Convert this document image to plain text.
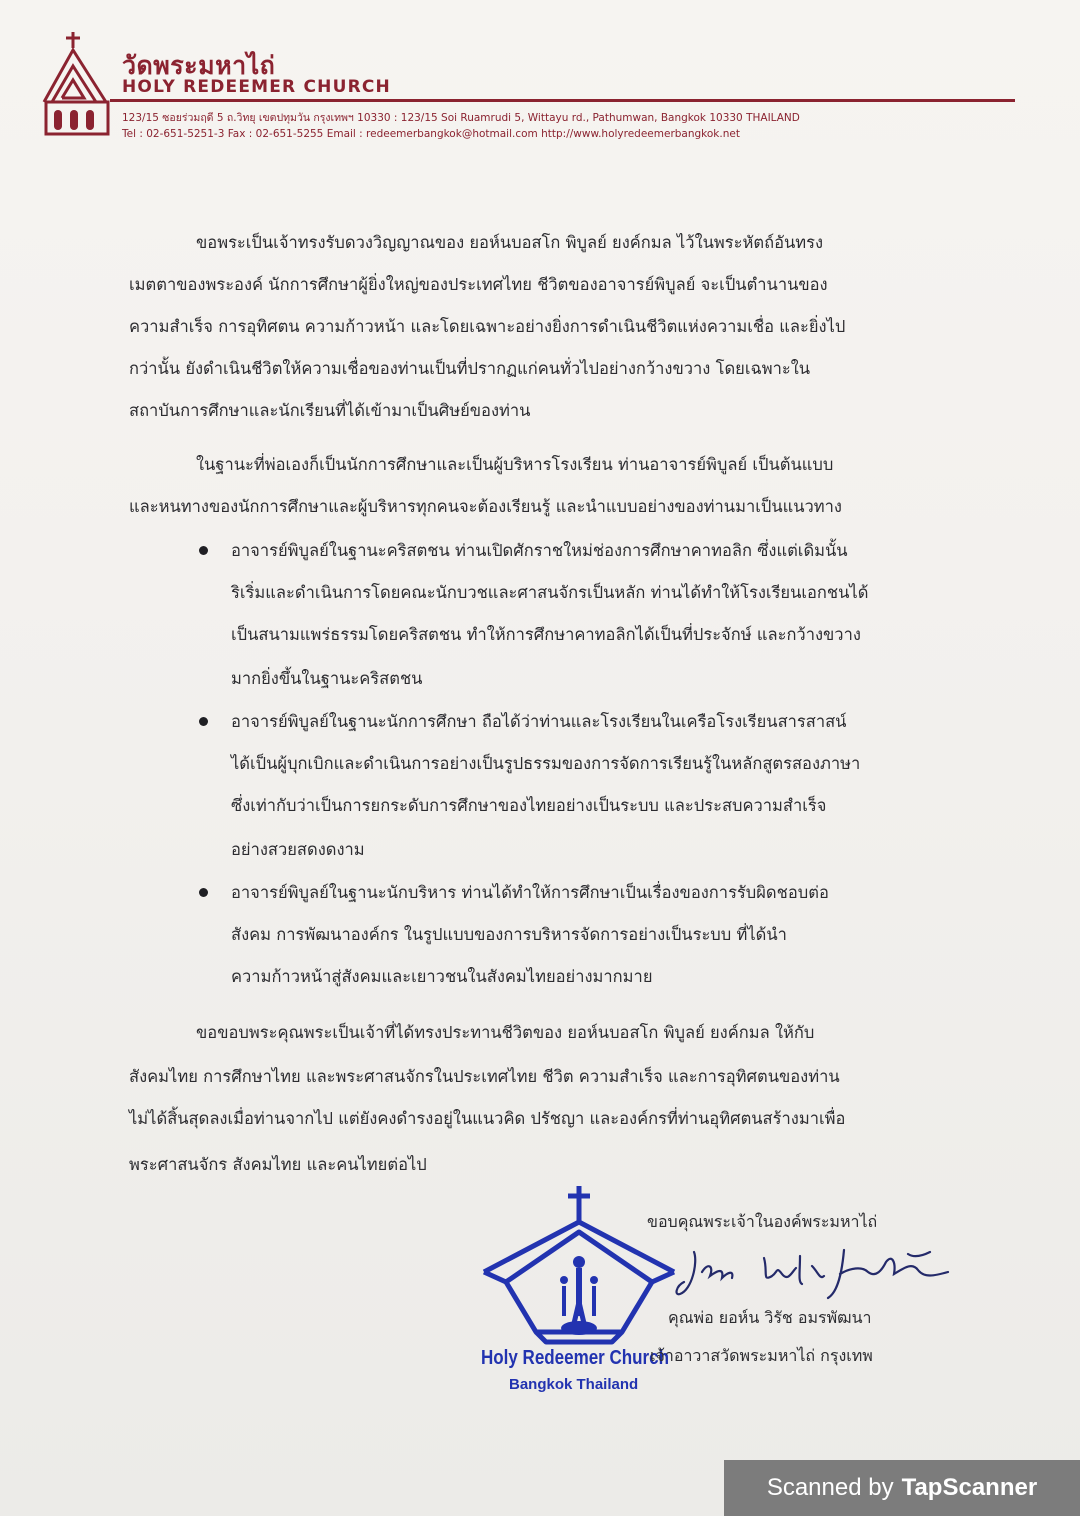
วัดพระมหาไถ่
HOLY REDEEMER CHURCH
123/15 ซอยร่วมฤดี 5 ถ.วิทยุ เขตปทุมวัน กรุงเทพฯ 10330 : 123/15 Soi Ruamrudi 5, Wittayu rd., Pathumwan, Bangkok 10330 THAILAND
Tel : 02-651-5251-3 Fax : 02-651-5255 Email : redeemerbangkok@hotmail.com http://www.holyredeemerbangkok.net
ขอพระเป็นเจ้าทรงรับดวงวิญญาณของ ยอห์นบอสโก พิบูลย์ ยงค์กมล ไว้ในพระหัตถ์อันทรง
เมตตาของพระองค์ นักการศึกษาผู้ยิ่งใหญ่ของประเทศไทย ชีวิตของอาจารย์พิบูลย์ จะเป็นตำนานของ
ความสำเร็จ การอุทิศตน ความก้าวหน้า และโดยเฉพาะอย่างยิ่งการดำเนินชีวิตแห่งความเชื่อ และยิ่งไป
กว่านั้น ยังดำเนินชีวิตให้ความเชื่อของท่านเป็นที่ปรากฏแก่คนทั่วไปอย่างกว้างขวาง โดยเฉพาะใน
สถาบันการศึกษาและนักเรียนที่ได้เข้ามาเป็นศิษย์ของท่าน
ในฐานะที่พ่อเองก็เป็นนักการศึกษาและเป็นผู้บริหารโรงเรียน ท่านอาจารย์พิบูลย์ เป็นต้นแบบ
และหนทางของนักการศึกษาและผู้บริหารทุกคนจะต้องเรียนรู้ และนำแบบอย่างของท่านมาเป็นแนวทาง
อาจารย์พิบูลย์ในฐานะคริสตชน ท่านเปิดศักราชใหม่ช่องการศึกษาคาทอลิก ซึ่งแต่เดิมนั้น
ริเริ่มและดำเนินการโดยคณะนักบวชและศาสนจักรเป็นหลัก ท่านได้ทำให้โรงเรียนเอกชนได้
เป็นสนามแพร่ธรรมโดยคริสตชน ทำให้การศึกษาคาทอลิกได้เป็นที่ประจักษ์ และกว้างขวาง
มากยิ่งขึ้นในฐานะคริสตชน
อาจารย์พิบูลย์ในฐานะนักการศึกษา ถือได้ว่าท่านและโรงเรียนในเครือโรงเรียนสารสาสน์
ได้เป็นผู้บุกเบิกและดำเนินการอย่างเป็นรูปธรรมของการจัดการเรียนรู้ในหลักสูตรสองภาษา
ซึ่งเท่ากับว่าเป็นการยกระดับการศึกษาของไทยอย่างเป็นระบบ และประสบความสำเร็จ
อย่างสวยสดงดงาม
อาจารย์พิบูลย์ในฐานะนักบริหาร ท่านได้ทำให้การศึกษาเป็นเรื่องของการรับผิดชอบต่อ
สังคม การพัฒนาองค์กร ในรูปแบบของการบริหารจัดการอย่างเป็นระบบ ที่ได้นำ
ความก้าวหน้าสู่สังคมและเยาวชนในสังคมไทยอย่างมากมาย
ขอขอบพระคุณพระเป็นเจ้าที่ได้ทรงประทานชีวิตของ ยอห์นบอสโก พิบูลย์ ยงค์กมล ให้กับ
สังคมไทย การศึกษาไทย และพระศาสนจักรในประเทศไทย ชีวิต ความสำเร็จ และการอุทิศตนของท่าน
ไม่ได้สิ้นสุดลงเมื่อท่านจากไป แต่ยังคงดำรงอยู่ในแนวคิด ปรัชญา และองค์กรที่ท่านอุทิศตนสร้างมาเพื่อ
พระศาสนจักร สังคมไทย และคนไทยต่อไป
Holy Redeemer Church
Bangkok Thailand
ขอบคุณพระเจ้าในองค์พระมหาไถ่
คุณพ่อ ยอห์น วิรัช อมรพัฒนา
เจ้าอาวาสวัดพระมหาไถ่ กรุงเทพ
Scanned by TapScanner
